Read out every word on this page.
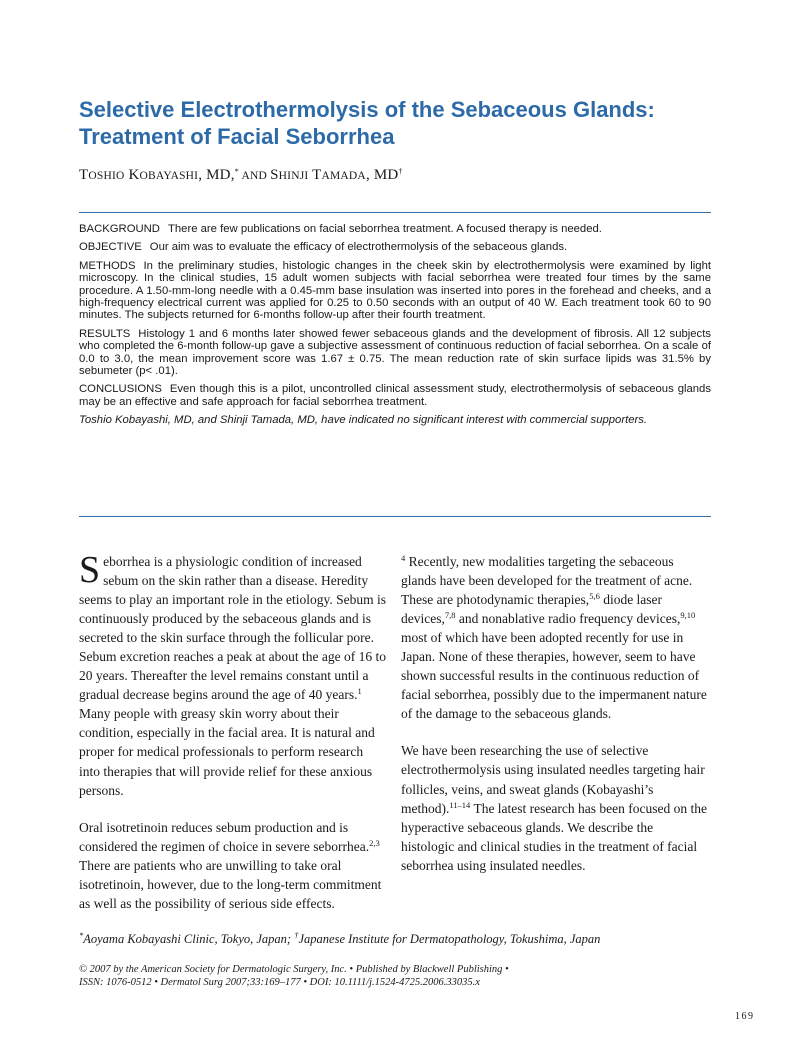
Selective Electrothermolysis of the Sebaceous Glands:
Treatment of Facial Seborrhea
TOSHIO KOBAYASHI, MD,* AND SHINJI TAMADA, MD†

BACKGROUND There are few publications on facial seborrhea treatment. A focused therapy is needed.

OBJECTIVE Our aim was to evaluate the efficacy of electrothermolysis of the sebaceous glands.

METHODS In the preliminary studies, histologic changes in the cheek skin by electrothermolysis were examined by light microscopy. In the clinical studies, 15 adult women subjects with facial seborrhea were treated four times by the same procedure. A 1.50-mm-long needle with a 0.45-mm base insulation was inserted into pores in the forehead and cheeks, and a high-frequency electrical current was applied for 0.25 to 0.50 seconds with an output of 40 W. Each treatment took 60 to 90 minutes. The subjects returned for 6-months follow-up after their fourth treatment.

RESULTS Histology 1 and 6 months later showed fewer sebaceous glands and the development of fibrosis. All 12 subjects who completed the 6-month follow-up gave a subjective assessment of continuous reduction of facial seborrhea. On a scale of 0.0 to 3.0, the mean improvement score was 1.67 ± 0.75. The mean reduction rate of skin surface lipids was 31.5% by sebumeter (p< .01).

CONCLUSIONS Even though this is a pilot, uncontrolled clinical assessment study, electrothermolysis of sebaceous glands may be an effective and safe approach for facial seborrhea treatment.

Toshio Kobayashi, MD, and Shinji Tamada, MD, have indicated no significant interest with commercial supporters.

Seborrhea is a physiologic condition of increased sebum on the skin rather than a disease. Heredity seems to play an important role in the etiology. Sebum is continuously produced by the sebaceous glands and is secreted to the skin surface through the follicular pore. Sebum excretion reaches a peak at about the age of 16 to 20 years. Thereafter the level remains constant until a gradual decrease begins around the age of 40 years.$^1$ Many people with greasy skin worry about their condition, especially in the facial area. It is natural and proper for medical professionals to perform research into therapies that will provide relief for these anxious persons.

Oral isotretinoin reduces sebum production and is considered the regimen of choice in severe seborrhea.$^{2,3}$ There are patients who are unwilling to take oral isotretinoin, however, due to the long-term commitment as well as the possibility of serious side effects.

$^4$ Recently, new modalities targeting the sebaceous glands have been developed for the treatment of acne. These are photodynamic therapies,$^{5,6}$ diode laser devices,$^{7,8}$ and nonablative radio frequency devices,$^{9,10}$ most of which have been adopted recently for use in Japan. None of these therapies, however, seem to have shown successful results in the continuous reduction of facial seborrhea, possibly due to the impermanent nature of the damage to the sebaceous glands.

We have been researching the use of selective electrothermolysis using insulated needles targeting hair follicles, veins, and sweat glands (Kobayashi’s method).$^{11-14}$ The latest research has been focused on the hyperactive sebaceous glands. We describe the histologic and clinical studies in the treatment of facial seborrhea using insulated needles.

*Aoyama Kobayashi Clinic, Tokyo, Japan; †Japanese Institute for Dermatopathology, Tokushima, Japan
© 2007 by the American Society for Dermatologic Surgery, Inc. • Published by Blackwell Publishing •
ISSN: 1076-0512 • Dermatol Surg 2007;33:169–177 • DOI: 10.1111/j.1524-4725.2006.33035.x
169
